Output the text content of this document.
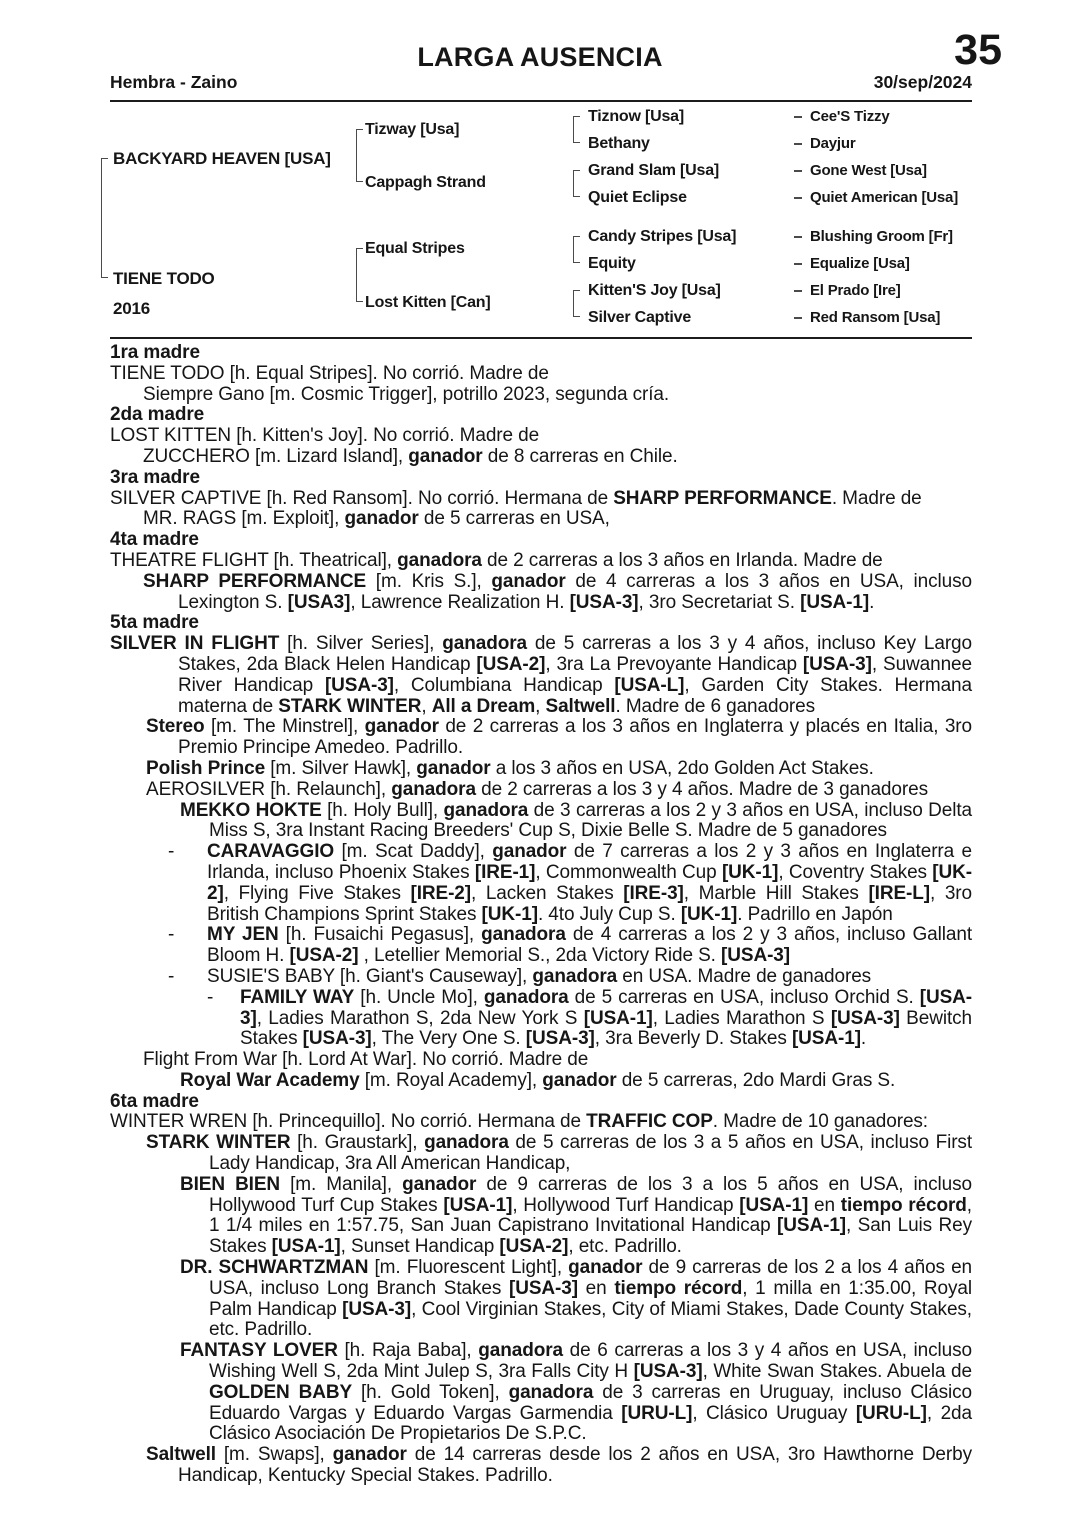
LARGA AUSENCIA	35
Hembra - Zaino	30/sep/2024
BACKYARD HEAVEN [USA]
TIENE TODO
2016
Tizway [Usa]
Cappagh Strand
Equal Stripes
Lost Kitten [Can]
Tiznow [Usa]
Bethany
Grand Slam [Usa]
Quiet Eclipse
Candy Stripes [Usa]
Equity
Kitten'S Joy [Usa]
Silver Captive
Cee'S Tizzy
Dayjur
Gone West [Usa]
Quiet American [Usa]
Blushing Groom [Fr]
Equalize [Usa]
El Prado [Ire]
Red Ransom [Usa]
1ra madre
TIENE TODO [h. Equal Stripes]. No corrió. Madre de
Siempre Gano [m. Cosmic Trigger], potrillo 2023, segunda cría.
2da madre
LOST KITTEN [h. Kitten's Joy]. No corrió. Madre de
ZUCCHERO [m. Lizard Island], ganador de 8 carreras en Chile.
3ra madre
SILVER CAPTIVE [h. Red Ransom]. No corrió. Hermana de SHARP PERFORMANCE. Madre de
MR. RAGS [m. Exploit], ganador de 5 carreras en USA,
4ta madre
THEATRE FLIGHT [h. Theatrical], ganadora de 2 carreras a los 3 años en Irlanda. Madre de
SHARP PERFORMANCE [m. Kris S.], ganador de 4 carreras a los 3 años en USA, incluso Lexington S. [USA3], Lawrence Realization H. [USA-3], 3ro Secretariat S. [USA-1].
5ta madre
SILVER IN FLIGHT [h. Silver Series], ganadora de 5 carreras a los 3 y 4 años, incluso Key Largo Stakes, 2da Black Helen Handicap [USA-2], 3ra La Prevoyante Handicap [USA-3], Suwannee River Handicap [USA-3], Columbiana Handicap [USA-L], Garden City Stakes. Hermana materna de STARK WINTER, All a Dream, Saltwell. Madre de 6 ganadores
Stereo [m. The Minstrel], ganador de 2 carreras a los 3 años en Inglaterra y placés en Italia, 3ro Premio Principe Amedeo. Padrillo.
Polish Prince [m. Silver Hawk], ganador a los 3 años en USA, 2do Golden Act Stakes.
AEROSILVER [h. Relaunch], ganadora de 2 carreras a los 3 y 4 años. Madre de 3 ganadores
MEKKO HOKTE [h. Holy Bull], ganadora de 3 carreras a los 2 y 3 años en USA, incluso Delta Miss S, 3ra Instant Racing Breeders' Cup S, Dixie Belle S. Madre de 5 ganadores
- CARAVAGGIO [m. Scat Daddy], ganador de 7 carreras a los 2 y 3 años en Inglaterra e Irlanda, incluso Phoenix Stakes [IRE-1], Commonwealth Cup [UK-1], Coventry Stakes [UK-2], Flying Five Stakes [IRE-2], Lacken Stakes [IRE-3], Marble Hill Stakes [IRE-L], 3ro British Champions Sprint Stakes [UK-1]. 4to July Cup S. [UK-1]. Padrillo en Japón
- MY JEN [h. Fusaichi Pegasus], ganadora de 4 carreras a los 2 y 3 años, incluso Gallant Bloom H. [USA-2] , Letellier Memorial S., 2da Victory Ride S. [USA-3]
- SUSIE'S BABY [h. Giant's Causeway], ganadora en USA. Madre de ganadores
- FAMILY WAY [h. Uncle Mo], ganadora de 5 carreras en USA, incluso Orchid S. [USA-3], Ladies Marathon S, 2da New York S [USA-1], Ladies Marathon S [USA-3] Bewitch Stakes [USA-3], The Very One S. [USA-3], 3ra Beverly D. Stakes [USA-1].
Flight From War [h. Lord At War]. No corrió. Madre de
Royal War Academy [m. Royal Academy], ganador de 5 carreras, 2do Mardi Gras S.
6ta madre
WINTER WREN [h. Princequillo]. No corrió. Hermana de TRAFFIC COP. Madre de 10 ganadores:
STARK WINTER [h. Graustark], ganadora de 5 carreras de los 3 a 5 años en USA, incluso First Lady Handicap, 3ra All American Handicap,
BIEN BIEN [m. Manila], ganador de 9 carreras de los 3 a los 5 años en USA, incluso Hollywood Turf Cup Stakes [USA-1], Hollywood Turf Handicap [USA-1] en tiempo récord, 1 1/4 miles en 1:57.75, San Juan Capistrano Invitational Handicap [USA-1], San Luis Rey Stakes [USA-1], Sunset Handicap [USA-2], etc. Padrillo.
DR. SCHWARTZMAN [m. Fluorescent Light], ganador de 9 carreras de los 2 a los 4 años en USA, incluso Long Branch Stakes [USA-3] en tiempo récord, 1 milla en 1:35.00, Royal Palm Handicap [USA-3], Cool Virginian Stakes, City of Miami Stakes, Dade County Stakes, etc. Padrillo.
FANTASY LOVER [h. Raja Baba], ganadora de 6 carreras a los 3 y 4 años en USA, incluso Wishing Well S, 2da Mint Julep S, 3ra Falls City H [USA-3], White Swan Stakes. Abuela de GOLDEN BABY [h. Gold Token], ganadora de 3 carreras en Uruguay, incluso Clásico Eduardo Vargas y Eduardo Vargas Garmendia [URU-L], Clásico Uruguay [URU-L], 2da Clásico Asociación De Propietarios De S.P.C.
Saltwell [m. Swaps], ganador de 14 carreras desde los 2 años en USA, 3ro Hawthorne Derby Handicap, Kentucky Special Stakes. Padrillo.
